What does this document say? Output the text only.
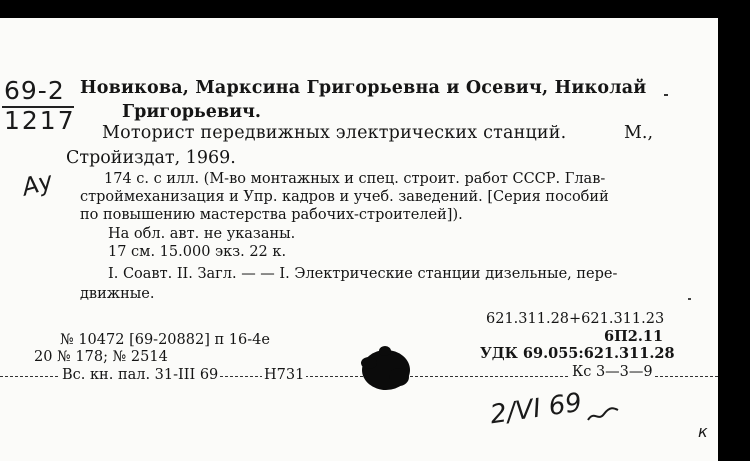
69-2
1217
Ау
Новикова, Марксина Григорьевна и Осевич, Николай
Григорьевич.
Моторист передвижных электрических станций.	М.,
Стройиздат, 1969.
174 с. с илл. (М-во монтажных и спец. строит. работ СССР. Глав-
строймеханизация и Упр. кадров и учеб. заведений. [Серия пособий
по повышению мастерства рабочих-строителей]).
На обл. авт. не указаны.
17 см. 15.000 экз. 22 к.
I. Соавт. II. Загл. — — I. Электрические станции дизельные, пере-
движные.
621.311.28+621.311.23
6П2.11
УДК 69.055:621.311.28
№ 10472 [69-20882] п 16-4е
20 № 178; № 2514
Вс. кн. пал. 31-III 69	Н731	Кс 3—3—9
2/VI 69
к
